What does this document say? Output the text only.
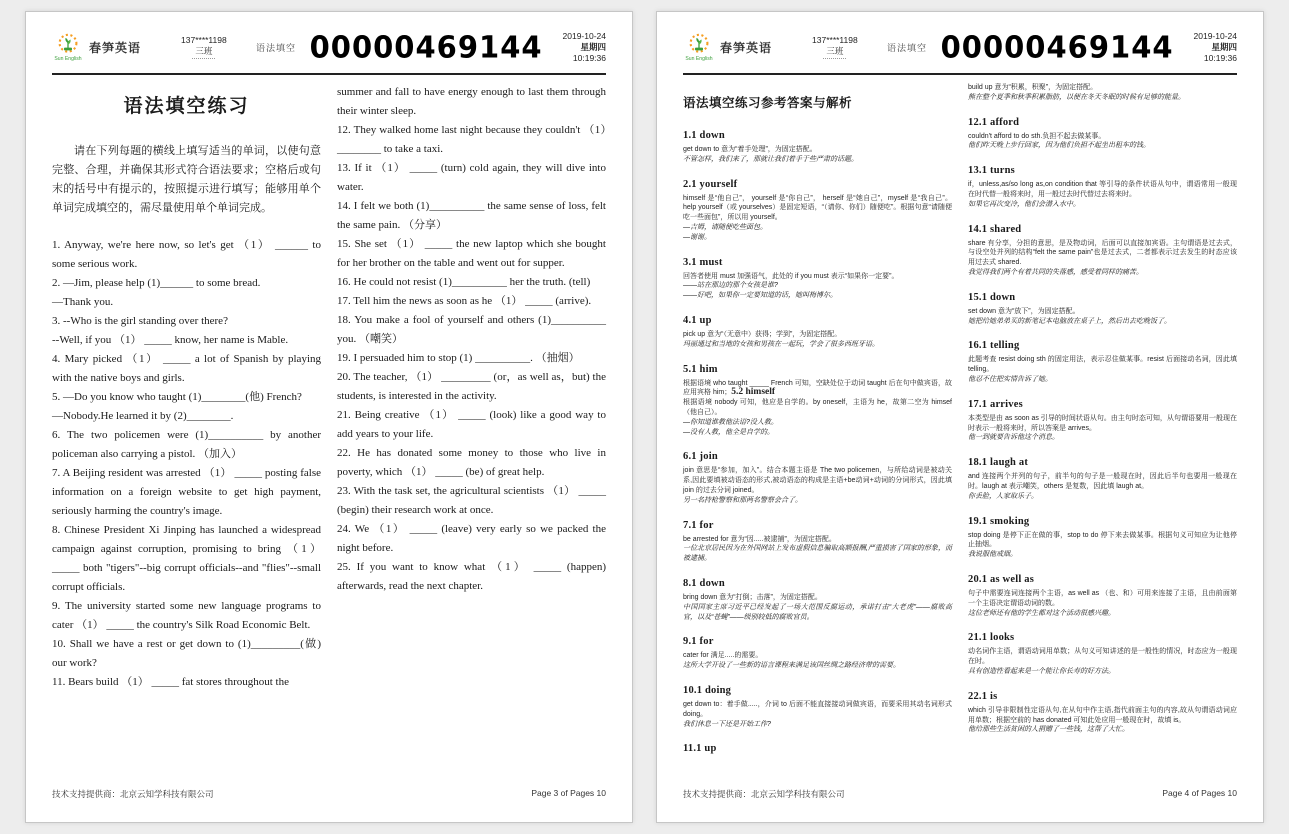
Sun English
春笋英语
137****1198
三班	语法填空 00000469144	2019-10-24
星期四
10:19:36
语法填空练习

请在下列每题的横线上填写适当的单词，以使句意完整、合理，并确保其形式符合语法要求；空格后或句末的括号中有提示的，按照提示进行填写；能够用单个单词完成填空的，需尽量使用单个单词完成。

1. Anyway, we're here now, so let's get （1） ______ to some serious work.

2. —Jim, please help (1)______ to some bread.

—Thank you.

3. --Who is the girl standing over there?

--Well, if you （1） _____ know, her name is Mable.

4. Mary picked （1） _____ a lot of Spanish by playing with the native boys and girls.

5. —Do you know who taught (1)________(他) French?

—Nobody.He learned it by (2)________.

6. The two policemen were (1)__________ by another policeman also carrying a pistol. （加入）

7. A Beijing resident was arrested （1） _____ posting false information on a foreign website to get high payment, seriously harming the country's image.

8. Chinese President Xi Jinping has launched a widespread campaign against corruption, promising to bring （1） _____ both "tigers"--big corrupt officials--and "flies"--small corrupt officials.

9. The university started some new language programs to cater （1） _____ the country's Silk Road Economic Belt.

10. Shall we have a rest or get down to (1)_________(做) our work?

11. Bears build （1） _____ fat stores throughout the

summer and fall to have energy enough to last them through their winter sleep.

12. They walked home last night because they couldn't （1）________ to take a taxi.

13. If it （1） _____ (turn) cold again, they will dive into water.

14. I felt we both (1)__________ the same sense of loss, felt the same pain. （分享）

15. She set （1） _____ the new laptop which she bought for her brother on the table and went out for supper.

16. He could not resist (1)__________ her the truth. (tell)

17. Tell him the news as soon as he （1） _____ (arrive).

18. You make a fool of yourself and others (1)__________ you. （嘲笑）

19. I persuaded him to stop (1) __________. （抽烟）

20. The teacher, （1） _________ (or，as well as，but) the students, is interested in the activity.

21. Being creative （1） _____ (look) like a good way to add years to your life.

22. He has donated some money to those who live in poverty, which （1） _____ (be) of great help.

23. With the task set, the agricultural scientists （1） _____ (begin) their research work at once.

24. We （1） _____ (leave) very early so we packed the night before.

25. If you want to know what （1） _____ (happen) afterwards, read the next chapter.

技术支持提供商：北京云知学科技有限公司	Page 3 of Pages 10
Sun English
春笋英语
137****1198
三班	语法填空 00000469144	2019-10-24
星期四
10:19:36
语法填空练习参考答案与解析
1.1 down
get down to 意为“着手处理”，为固定搭配。
不管怎样，我们来了，那就让我们着手于些严肃的话题。
2.1 yourself
himself 是“他自己”， yourself 是“你自己”， herself 是“她自己”，myself 是“我自己”。help yourself（或 yourselves）是固定短语，“（请你、你们）随便吃”。根据句意“请随便吃一些面包”，所以用 yourself。
—吉姆，请随便吃些面包。
—谢谢。
3.1 must
回答者使用 must 加强语气，此处的 if you must 表示“如果你一定要”。
——站在那边的那个女孩是谁?
——好吧，如果你一定要知道的话，她叫梅博尔。
4.1 up
pick up 意为“（无意中）获得；学到”，为固定搭配。
玛丽通过和当地的女孩和男孩在一起玩，学会了很多西班牙语。
5.1 him
根据语境 who taught _____ French 可知，空缺处位于动词 taught 后在句中做宾语，故应用宾格 him；5.2 himself
根据语境 nobody 可知，他应是自学的。by oneself，主语为 he，故第二空为 himsef（他自己）。
—你知道谁教他法语?没人教。
—没有人教，他全是自学的。
6.1 join
join 意思是“参加，加入”。结合本题主语是 The two policemen，与所给动词是被动关系,因此要填被动语态的形式,被动语态的构成是主语+be动词+动词的分词形式，因此填 join 的过去分词 joined。
另一名持枪警察和那两名警察会合了。
7.1 for
be arrested for 意为“因.....被逮捕”，为固定搭配。
一位北京居民因为在外国网站上发布虚假信息骗取高额报酬,严重损害了国家的形象，而被逮捕。
8.1 down
bring down 意为“打倒；击落”，为固定搭配。
中国国家主席习近平已经发起了一场大范围反腐运动，承诺打击“大老虎”——腐败高官，以及“苍蝇”——级别较低的腐败官员。
9.1 for
cater for 满足.....的需要。
这所大学开设了一些新的语言课程来满足该国丝绸之路经济带的需要。
10.1 doing
get down to：着手做.....，介词 to 后面不能直接接动词做宾语，而要采用其动名词形式 doing。
我们休息一下还是开始工作?
11.1 up
build up 意为“积累，积聚”，为固定搭配。
熊在整个夏季和秋季积累脂肪，以便在冬天冬眠的时候有足够的能量。
12.1 afford
couldn't afford to do sth.负担不起去做某事。
他们昨天晚上步行回家，因为他们负担不起坐出租车的钱。
13.1 turns
if，unless,as/so long as,on condition that 等引导的条件状语从句中，谓语常用一般现在时代替一般将来时，用一般过去时代替过去将来时。
如果它再次变冷，他们会潜入水中。
14.1 shared
share 有分享，分担的意思，是及物动词，后面可以直接加宾语。主句谓语是过去式，与设空处并列的结构“felt the same pain”也是过去式，二者都表示过去发生的时态应该用过去式 shared.
我觉得我们两个有着共同的失落感，感受着同样的痛苦。
15.1 down
set down 意为“放下”，为固定搭配。
她把给她弟弟买的新笔记本电脑放在桌子上，然后出去吃晚饭了。
16.1 telling
此题考查 resist doing sth 的固定用法，表示忍住做某事。resist 后面接动名词，因此填 telling。
他忍不住把实情告诉了她。
17.1 arrives
本类型是由 as soon as 引导的时间状语从句。由主句时态可知，从句谓语要用一般现在时表示一般将来时，所以答案是 arrives。
他一到就要告诉他这个消息。
18.1 laugh at
and 连接两个并列的句子，前半句的句子是一般现在时，因此后半句也要用一般现在时。laugh at 表示嘲笑，others 是复数，因此填 laugh at。
你丢脸，人家取乐子。
19.1 smoking
stop doing 是停下正在做的事，stop to do 停下来去做某事。根据句义可知应为让他停止抽烟。
我说服他戒烟。
20.1 as well as
句子中需要连词连接两个主语，as well as （也、和）可用来连接了主语，且由前面第一个主语决定谓语动词的数。
这位老师还有他的学生都对这个活动很感兴趣。
21.1 looks
动名词作主语，谓语动词用单数；从句义可知讲述的是一般性的情况，时态应为一般现在时。
具有创造性看起来是一个能让你长寿的好方法。
22.1 is
which 引导非限制性定语从句,在从句中作主语,指代前面主句的内容,故从句谓语动词应用单数；根据空前的 has donated 可知此处应用一般现在时，故填 is。
他给那些生活贫困的人捐赠了一些钱，这帮了大忙。
技术支持提供商：北京云知学科技有限公司	Page 4 of Pages 10
